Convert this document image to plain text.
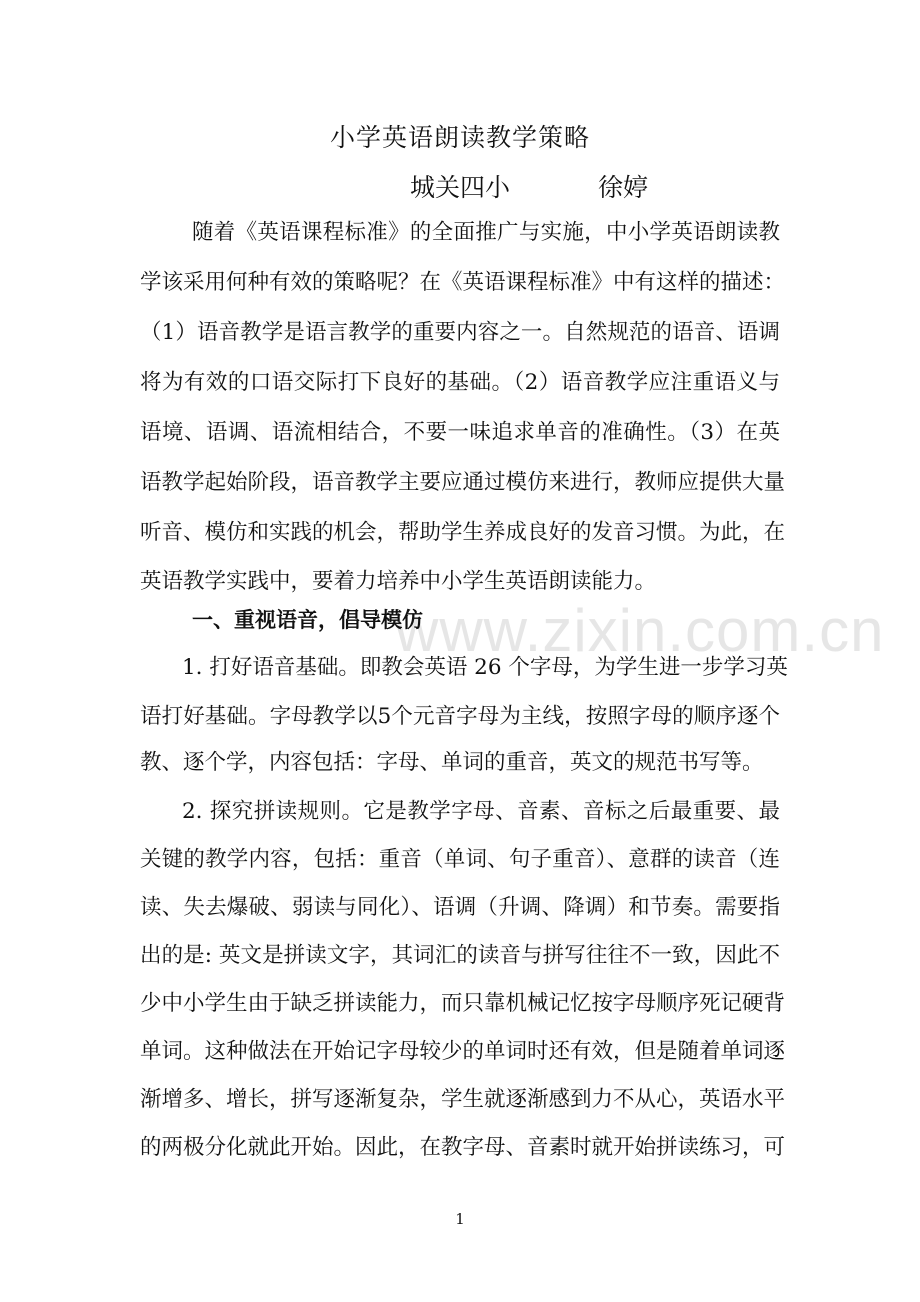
www.zixin.com.cn
小学英语朗读教学策略
城关四小	徐婷
随着《英语课程标准》的全面推广与实施，中小学英语朗读教
学该采用何种有效的策略呢？在《英语课程标准》中有这样的描述：
（1）语音教学是语言教学的重要内容之一。自然规范的语音、语调
将为有效的口语交际打下良好的基础。（2）语音教学应注重语义与
语境、语调、语流相结合，不要一味追求单音的准确性。（3）在英
语教学起始阶段，语音教学主要应通过模仿来进行，教师应提供大量
听音、模仿和实践的机会，帮助学生养成良好的发音习惯。为此，在
英语教学实践中，要着力培养中小学生英语朗读能力。
一、重视语音，倡导模仿
1. 打好语音基础。即教会英语 26 个字母，为学生进一步学习英
语打好基础。字母教学以5个元音字母为主线，按照字母的顺序逐个
教、逐个学，内容包括：字母、单词的重音，英文的规范书写等。
2. 探究拼读规则。它是教学字母、音素、音标之后最重要、最
关键的教学内容，包括：重音（单词、句子重音）、意群的读音（连
读、失去爆破、弱读与同化）、语调（升调、降调）和节奏。需要指
出的是: 英文是拼读文字，其词汇的读音与拼写往往不一致，因此不
少中小学生由于缺乏拼读能力，而只靠机械记忆按字母顺序死记硬背
单词。这种做法在开始记字母较少的单词时还有效，但是随着单词逐
渐增多、增长，拼写逐渐复杂，学生就逐渐感到力不从心，英语水平
的两极分化就此开始。因此，在教字母、音素时就开始拼读练习，可
1
